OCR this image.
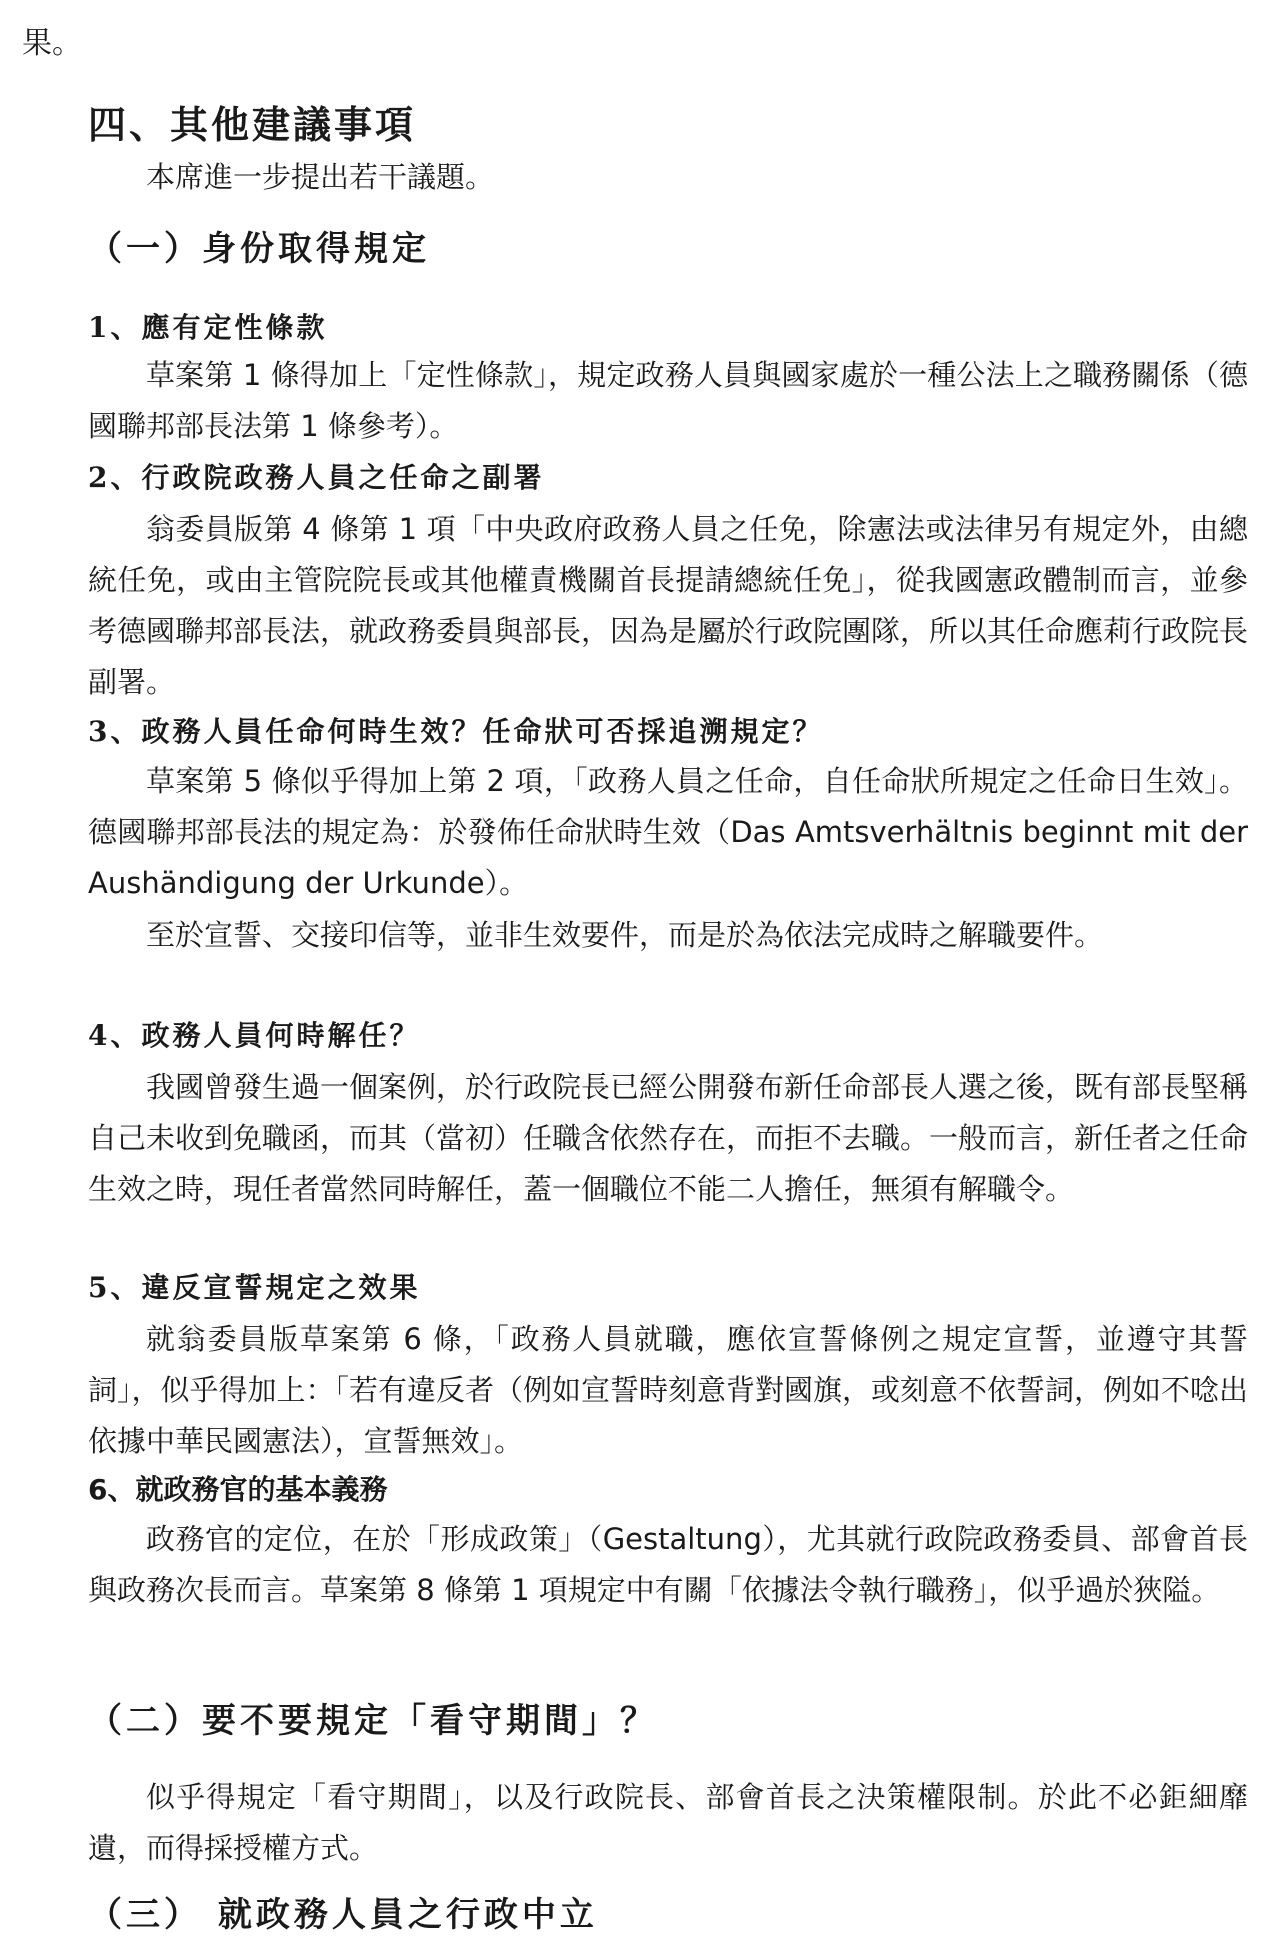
果。

四、其他建議事項

本席進一步提出若干議題。

（一）身份取得規定
1、應有定性條款

草案第 1 條得加上「定性條款」，規定政務人員與國家處於一種公法上之職務關係（德國聯邦部長法第 1 條參考）。

2、行政院政務人員之任命之副署

翁委員版第 4 條第 1 項「中央政府政務人員之任免，除憲法或法律另有規定外，由總統任免，或由主管院院長或其他權責機關首長提請總統任免」，從我國憲政體制而言，並參考德國聯邦部長法，就政務委員與部長，因為是屬於行政院團隊，所以其任命應莉行政院長副署。

3、政務人員任命何時生效？任命狀可否採追溯規定？

草案第 5 條似乎得加上第 2 項，「政務人員之任命，自任命狀所規定之任命日生效」。德國聯邦部長法的規定為：於發佈任命狀時生效（Das Amtsverhältnis beginnt mit der Aushändigung der Urkunde）。

至於宣誓、交接印信等，並非生效要件，而是於為依法完成時之解職要件。

4、政務人員何時解任？

我國曾發生過一個案例，於行政院長已經公開發布新任命部長人選之後，既有部長堅稱自己未收到免職函，而其（當初）任職含依然存在，而拒不去職。一般而言，新任者之任命生效之時，現任者當然同時解任，蓋一個職位不能二人擔任，無須有解職令。

5、違反宣誓規定之效果

就翁委員版草案第 6 條，「政務人員就職，應依宣誓條例之規定宣誓，並遵守其誓詞」，似乎得加上：「若有違反者（例如宣誓時刻意背對國旗，或刻意不依誓詞，例如不唸出依據中華民國憲法），宣誓無效」。

6、就政務官的基本義務

政務官的定位，在於「形成政策」（Gestaltung），尤其就行政院政務委員、部會首長與政務次長而言。草案第 8 條第 1 項規定中有關「依據法令執行職務」，似乎過於狹隘。

（二）要不要規定「看守期間」？

似乎得規定「看守期間」，以及行政院長、部會首長之決策權限制。於此不必鉅細靡遺，而得採授權方式。

（三） 就政務人員之行政中立
